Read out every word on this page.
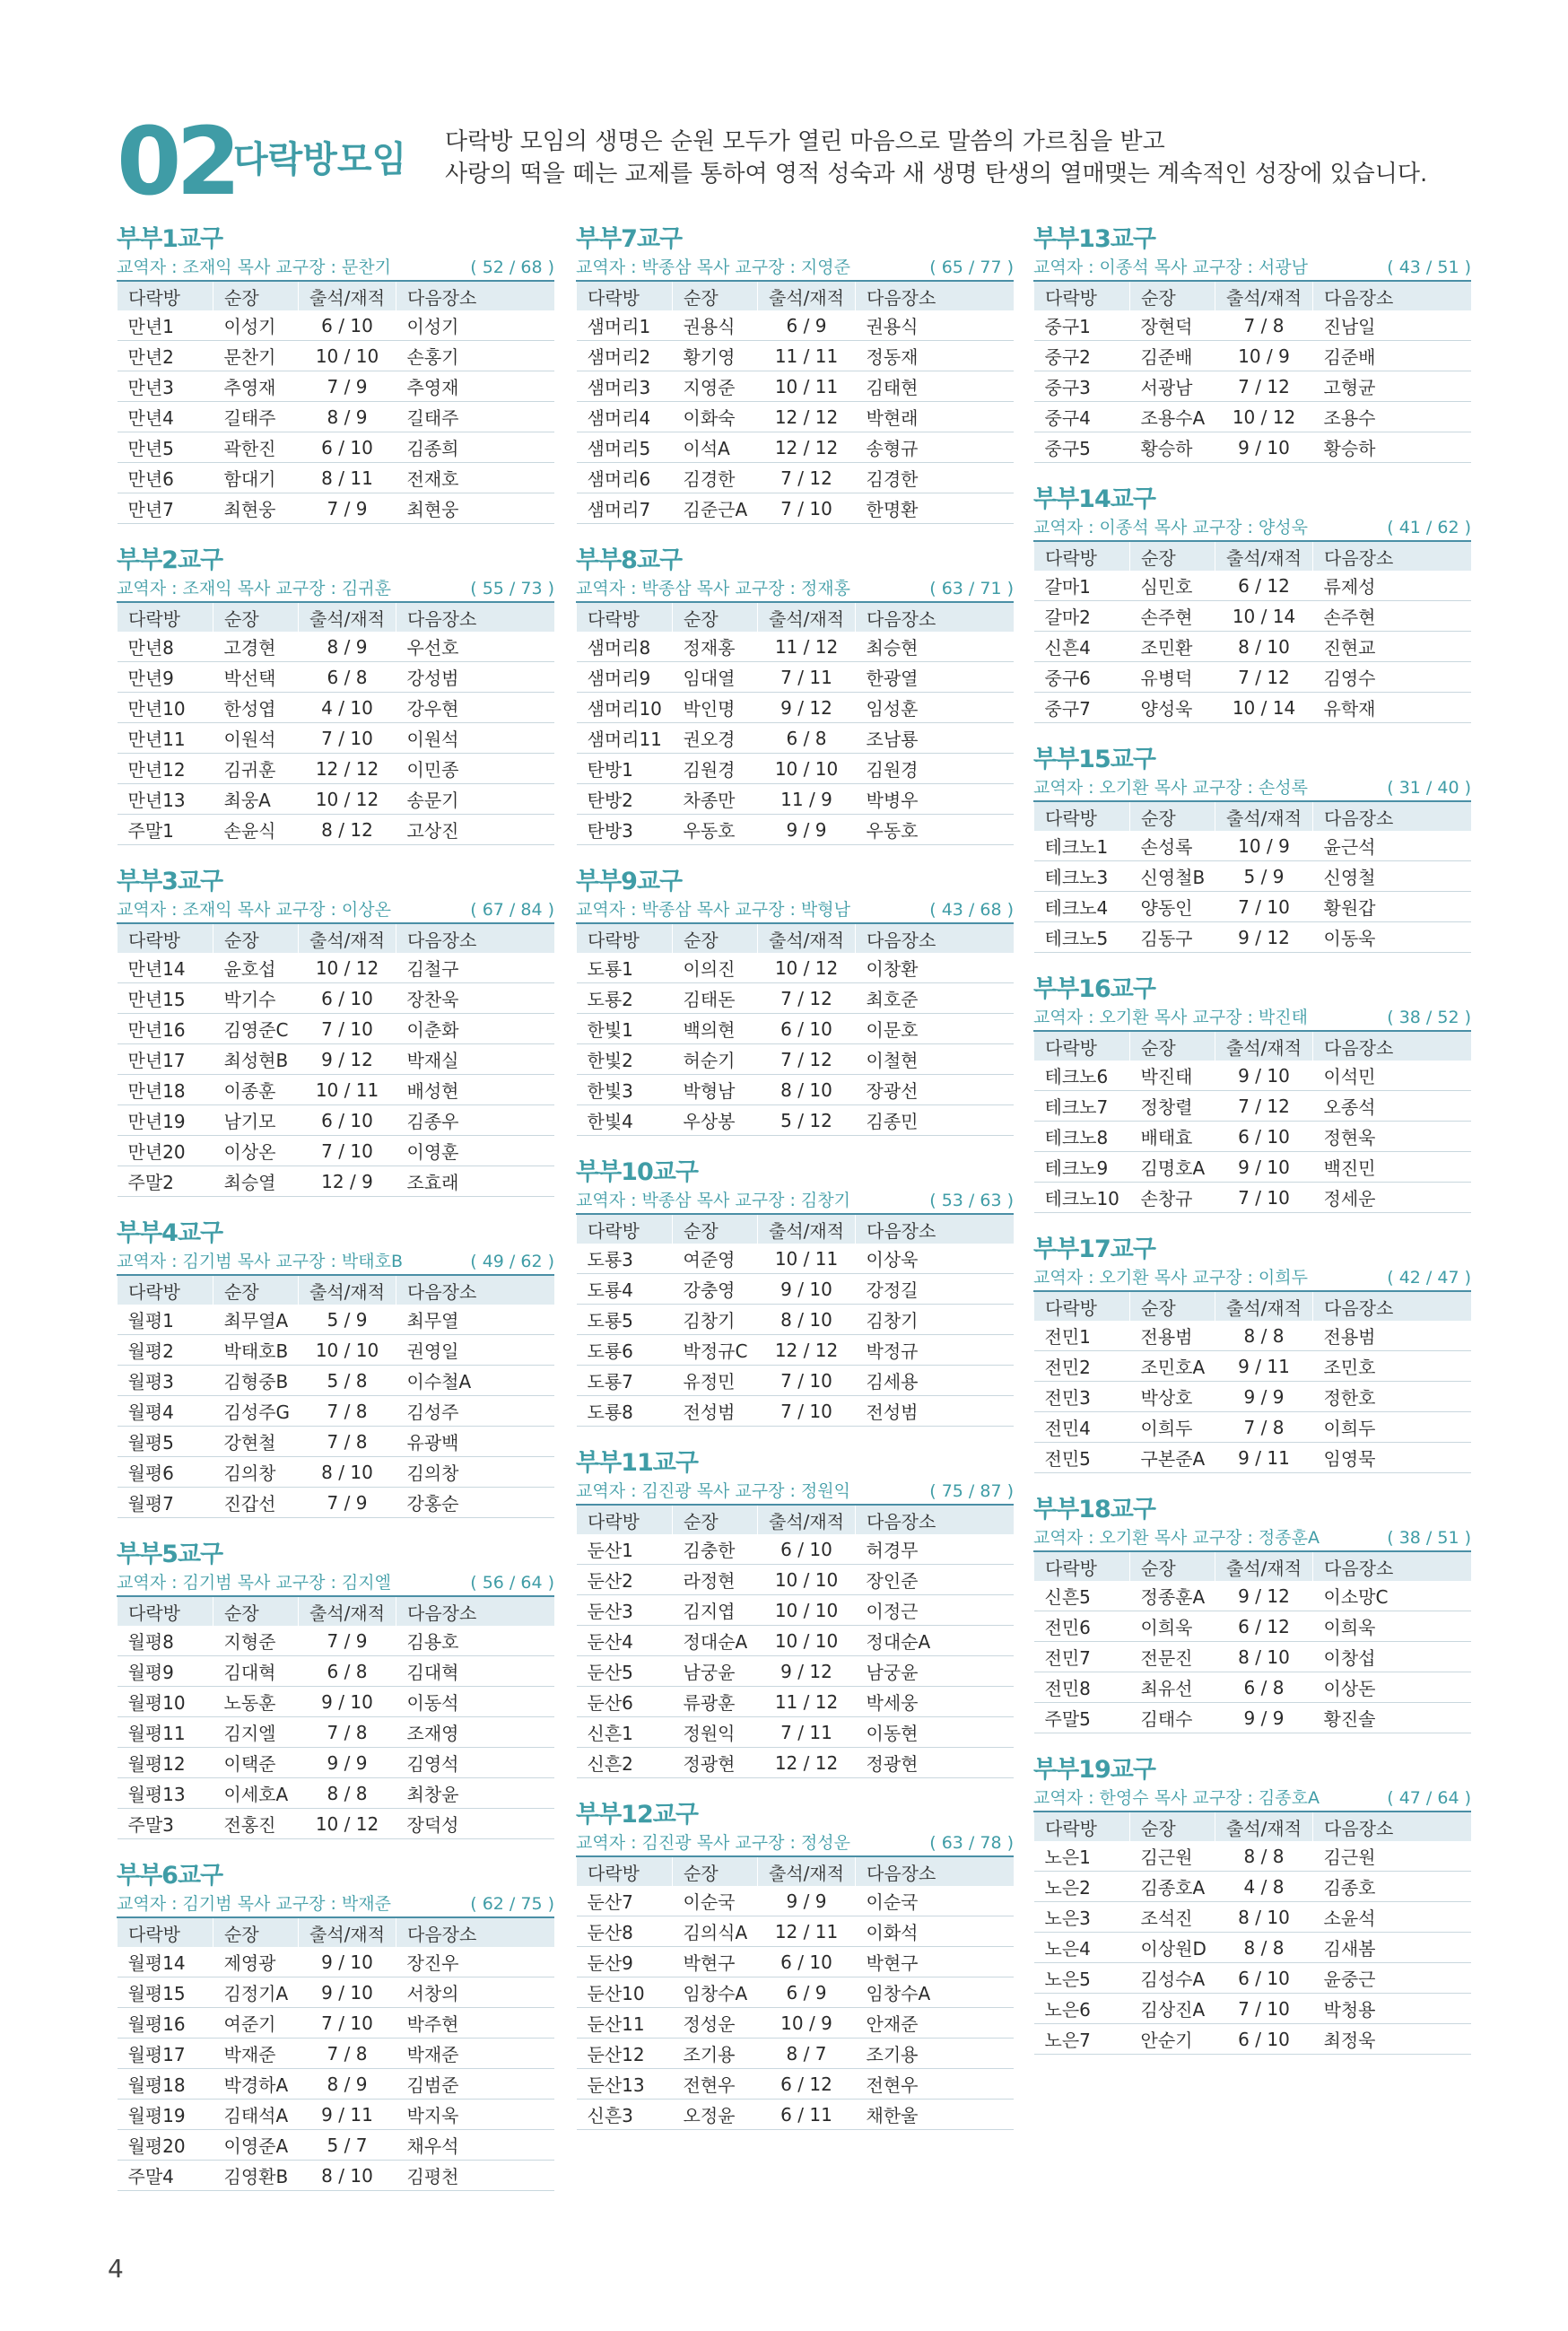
02
다락방모임 다락방 모임의 생명은 순원 모두가 열린 마음으로 말씀의 가르침을 받고
사랑의 떡을 떼는 교제를 통하여 영적 성숙과 새 생명 탄생의 열매맺는 계속적인 성장에 있습니다.
부부1교구
교역자 : 조재익 목사 교구장 : 문찬기	( 52 / 68 )
다락방	순장	출석/재적	다음장소
만년1	이성기	6 / 10	이성기
만년2	문찬기	10 / 10	손홍기
만년3	추영재	7 / 9	추영재
만년4	길태주	8 / 9	길태주
만년5	곽한진	6 / 10	김종희
만년6	함대기	8 / 11	전재호
만년7	최현웅	7 / 9	최현웅
부부2교구
교역자 : 조재익 목사 교구장 : 김귀훈	( 55 / 73 )
다락방	순장	출석/재적	다음장소
만년8	고경현	8 / 9	우선호
만년9	박선택	6 / 8	강성범
만년10	한성엽	4 / 10	강우현
만년11	이원석	7 / 10	이원석
만년12	김귀훈	12 / 12	이민종
만년13	최웅A	10 / 12	송문기
주말1	손윤식	8 / 12	고상진
부부3교구
교역자 : 조재익 목사 교구장 : 이상온	( 67 / 84 )
다락방	순장	출석/재적	다음장소
만년14	윤호섭	10 / 12	김철구
만년15	박기수	6 / 10	장찬욱
만년16	김영준C	7 / 10	이춘화
만년17	최성현B	9 / 12	박재실
만년18	이종훈	10 / 11	배성현
만년19	남기모	6 / 10	김종우
만년20	이상온	7 / 10	이영훈
주말2	최승열	12 / 9	조효래
부부4교구
교역자 : 김기범 목사 교구장 : 박태호B	( 49 / 62 )
다락방	순장	출석/재적	다음장소
월평1	최무열A	5 / 9	최무열
월평2	박태호B	10 / 10	권영일
월평3	김형중B	5 / 8	이수철A
월평4	김성주G	7 / 8	김성주
월평5	강현철	7 / 8	유광백
월평6	김의창	8 / 10	김의창
월평7	진갑선	7 / 9	강홍순
부부5교구
교역자 : 김기범 목사 교구장 : 김지엘	( 56 / 64 )
다락방	순장	출석/재적	다음장소
월평8	지형준	7 / 9	김용호
월평9	김대혁	6 / 8	김대혁
월평10	노동훈	9 / 10	이동석
월평11	김지엘	7 / 8	조재영
월평12	이택준	9 / 9	김영석
월평13	이세호A	8 / 8	최창윤
주말3	전홍진	10 / 12	장덕성
부부6교구
교역자 : 김기범 목사 교구장 : 박재준	( 62 / 75 )
다락방	순장	출석/재적	다음장소
월평14	제영광	9 / 10	장진우
월평15	김정기A	9 / 10	서창의
월평16	여준기	7 / 10	박주현
월평17	박재준	7 / 8	박재준
월평18	박경하A	8 / 9	김범준
월평19	김태석A	9 / 11	박지욱
월평20	이영준A	5 / 7	채우석
주말4	김영환B	8 / 10	김평천
부부7교구
교역자 : 박종삼 목사 교구장 : 지영준	( 65 / 77 )
다락방	순장	출석/재적	다음장소
샘머리1	권용식	6 / 9	권용식
샘머리2	황기영	11 / 11	정동재
샘머리3	지영준	10 / 11	김태현
샘머리4	이화숙	12 / 12	박현래
샘머리5	이석A	12 / 12	송형규
샘머리6	김경한	7 / 12	김경한
샘머리7	김준근A	7 / 10	한명환
부부8교구
교역자 : 박종삼 목사 교구장 : 정재홍	( 63 / 71 )
다락방	순장	출석/재적	다음장소
샘머리8	정재홍	11 / 12	최승현
샘머리9	임대열	7 / 11	한광열
샘머리10	박인명	9 / 12	임성훈
샘머리11	권오경	6 / 8	조남룡
탄방1	김원경	10 / 10	김원경
탄방2	차종만	11 / 9	박병우
탄방3	우동호	9 / 9	우동호
부부9교구
교역자 : 박종삼 목사 교구장 : 박형남	( 43 / 68 )
다락방	순장	출석/재적	다음장소
도룡1	이의진	10 / 12	이창환
도룡2	김태돈	7 / 12	최호준
한빛1	백의현	6 / 10	이문호
한빛2	허순기	7 / 12	이철현
한빛3	박형남	8 / 10	장광선
한빛4	우상봉	5 / 12	김종민
부부10교구
교역자 : 박종삼 목사 교구장 : 김창기	( 53 / 63 )
다락방	순장	출석/재적	다음장소
도룡3	여준영	10 / 11	이상욱
도룡4	강충영	9 / 10	강정길
도룡5	김창기	8 / 10	김창기
도룡6	박정규C	12 / 12	박정규
도룡7	유정민	7 / 10	김세용
도룡8	전성범	7 / 10	전성범
부부11교구
교역자 : 김진광 목사 교구장 : 정원익	( 75 / 87 )
다락방	순장	출석/재적	다음장소
둔산1	김충한	6 / 10	허경무
둔산2	라정현	10 / 10	장인준
둔산3	김지엽	10 / 10	이정근
둔산4	정대순A	10 / 10	정대순A
둔산5	남궁윤	9 / 12	남궁윤
둔산6	류광훈	11 / 12	박세웅
신흔1	정원익	7 / 11	이동현
신흔2	정광현	12 / 12	정광현
부부12교구
교역자 : 김진광 목사 교구장 : 정성운	( 63 / 78 )
다락방	순장	출석/재적	다음장소
둔산7	이순국	9 / 9	이순국
둔산8	김의식A	12 / 11	이화석
둔산9	박현구	6 / 10	박현구
둔산10	임창수A	6 / 9	임창수A
둔산11	정성운	10 / 9	안재준
둔산12	조기용	8 / 7	조기용
둔산13	전현우	6 / 12	전현우
신흔3	오정윤	6 / 11	채한울
부부13교구
교역자 : 이종석 목사 교구장 : 서광남	( 43 / 51 )
다락방	순장	출석/재적	다음장소
중구1	장현덕	7 / 8	진남일
중구2	김준배	10 / 9	김준배
중구3	서광남	7 / 12	고형균
중구4	조용수A	10 / 12	조용수
중구5	황승하	9 / 10	황승하
부부14교구
교역자 : 이종석 목사 교구장 : 양성욱	( 41 / 62 )
다락방	순장	출석/재적	다음장소
갈마1	심민호	6 / 12	류제성
갈마2	손주현	10 / 14	손주현
신흔4	조민환	8 / 10	진현교
중구6	유병덕	7 / 12	김영수
중구7	양성욱	10 / 14	유학재
부부15교구
교역자 : 오기환 목사 교구장 : 손성록	( 31 / 40 )
다락방	순장	출석/재적	다음장소
테크노1	손성록	10 / 9	윤근석
테크노3	신영철B	5 / 9	신영철
테크노4	양동인	7 / 10	황원갑
테크노5	김동구	9 / 12	이동욱
부부16교구
교역자 : 오기환 목사 교구장 : 박진태	( 38 / 52 )
다락방	순장	출석/재적	다음장소
테크노6	박진태	9 / 10	이석민
테크노7	정창렬	7 / 12	오종석
테크노8	배태효	6 / 10	정현욱
테크노9	김명호A	9 / 10	백진민
테크노10	손창규	7 / 10	정세운
부부17교구
교역자 : 오기환 목사 교구장 : 이희두	( 42 / 47 )
다락방	순장	출석/재적	다음장소
전민1	전용범	8 / 8	전용범
전민2	조민호A	9 / 11	조민호
전민3	박상호	9 / 9	정한호
전민4	이희두	7 / 8	이희두
전민5	구본준A	9 / 11	임영묵
부부18교구
교역자 : 오기환 목사 교구장 : 정종훈A	( 38 / 51 )
다락방	순장	출석/재적	다음장소
신흔5	정종훈A	9 / 12	이소망C
전민6	이희욱	6 / 12	이희욱
전민7	전문진	8 / 10	이창섭
전민8	최유선	6 / 8	이상돈
주말5	김태수	9 / 9	황진솔
부부19교구
교역자 : 한영수 목사 교구장 : 김종호A	( 47 / 64 )
다락방	순장	출석/재적	다음장소
노은1	김근원	8 / 8	김근원
노은2	김종호A	4 / 8	김종호
노은3	조석진	8 / 10	소윤석
노은4	이상원D	8 / 8	김새봄
노은5	김성수A	6 / 10	윤중근
노은6	김상진A	7 / 10	박청용
노은7	안순기	6 / 10	최정욱
4
